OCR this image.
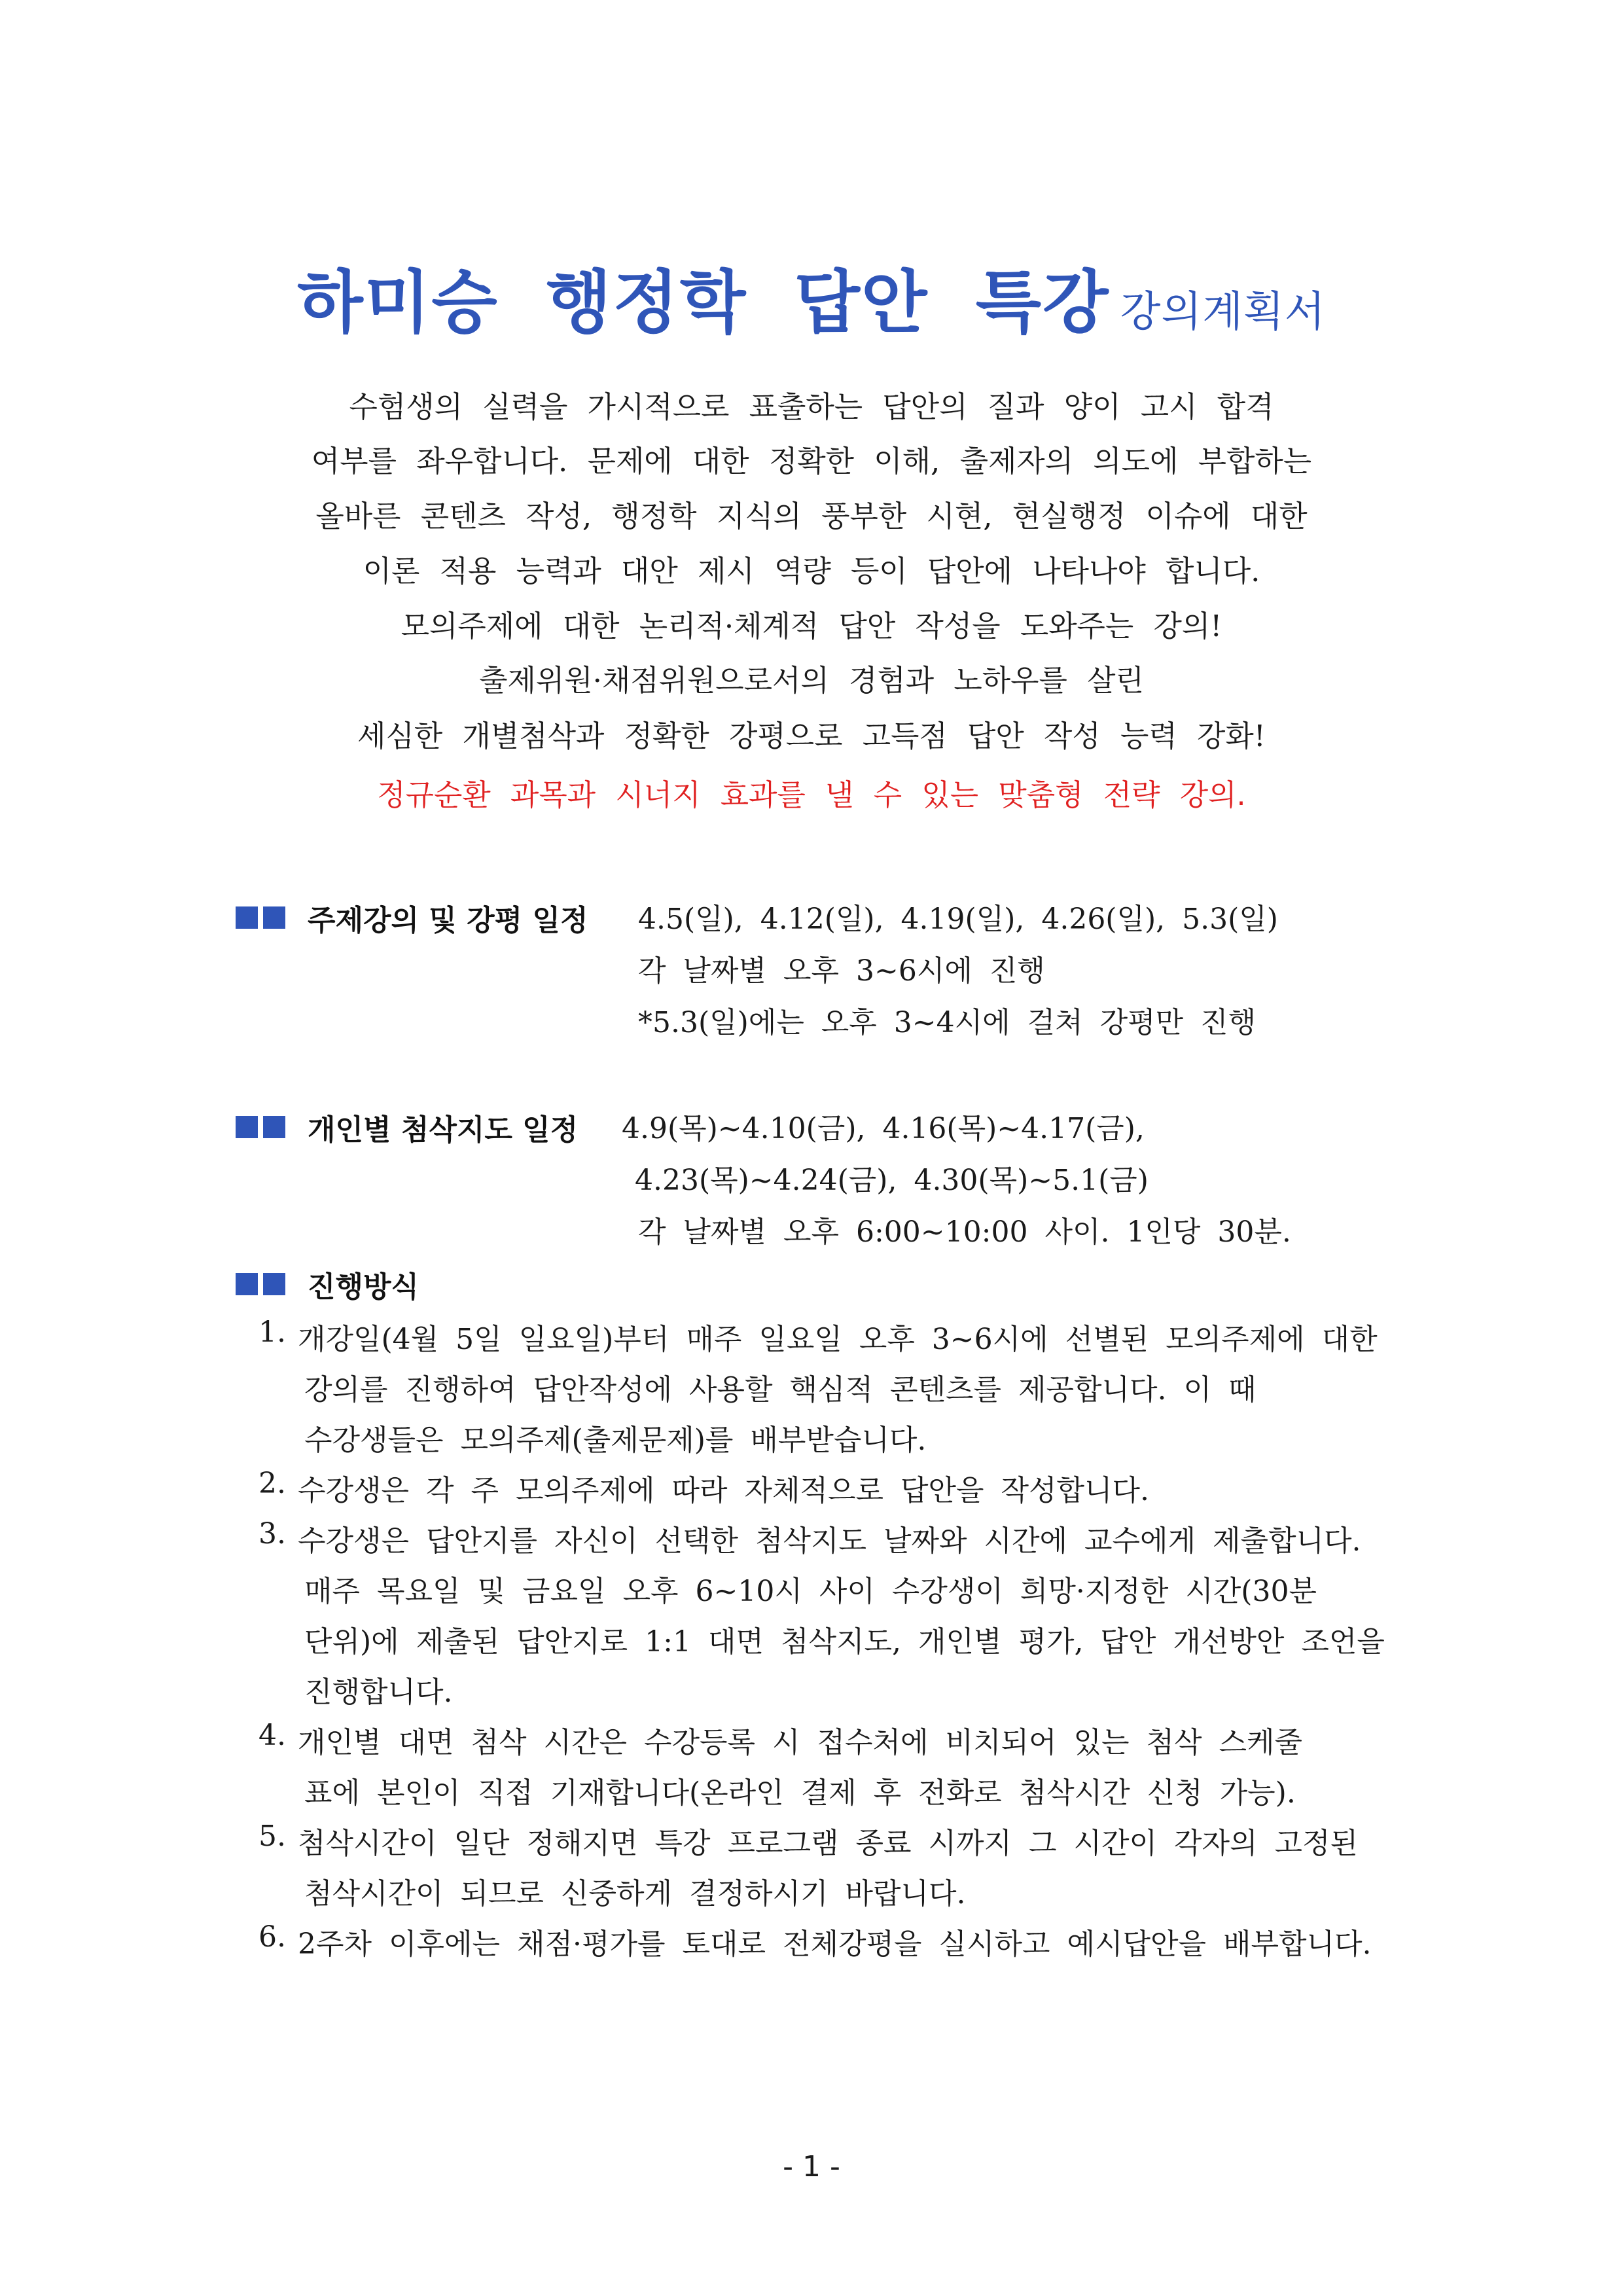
하미승 행정학 답안 특강 강의계획서
수험생의 실력을 가시적으로 표출하는 답안의 질과 양이 고시 합격
여부를 좌우합니다. 문제에 대한 정확한 이해, 출제자의 의도에 부합하는
올바른 콘텐츠 작성, 행정학 지식의 풍부한 시현, 현실행정 이슈에 대한
이론 적용 능력과 대안 제시 역량 등이 답안에 나타나야 합니다.
모의주제에 대한 논리적·체계적 답안 작성을 도와주는 강의!
출제위원·채점위원으로서의 경험과 노하우를 살린
세심한 개별첨삭과 정확한 강평으로 고득점 답안 작성 능력 강화!
정규순환 과목과 시너지 효과를 낼 수 있는 맞춤형 전략 강의.
주제강의 및 강평 일정 4.5(일), 4.12(일), 4.19(일), 4.26(일), 5.3(일)
각 날짜별 오후 3~6시에 진행
*5.3(일)에는 오후 3~4시에 걸쳐 강평만 진행
개인별 첨삭지도 일정 4.9(목)~4.10(금), 4.16(목)~4.17(금),
4.23(목)~4.24(금), 4.30(목)~5.1(금)
각 날짜별 오후 6:00~10:00 사이. 1인당 30분.
진행방식
1. 개강일(4월 5일 일요일)부터 매주 일요일 오후 3~6시에 선별된 모의주제에 대한
강의를 진행하여 답안작성에 사용할 핵심적 콘텐츠를 제공합니다. 이 때
수강생들은 모의주제(출제문제)를 배부받습니다.
2. 수강생은 각 주 모의주제에 따라 자체적으로 답안을 작성합니다.
3. 수강생은 답안지를 자신이 선택한 첨삭지도 날짜와 시간에 교수에게 제출합니다.
매주 목요일 및 금요일 오후 6~10시 사이 수강생이 희망·지정한 시간(30분
단위)에 제출된 답안지로 1:1 대면 첨삭지도, 개인별 평가, 답안 개선방안 조언을
진행합니다.
4. 개인별 대면 첨삭 시간은 수강등록 시 접수처에 비치되어 있는 첨삭 스케줄
표에 본인이 직접 기재합니다(온라인 결제 후 전화로 첨삭시간 신청 가능).
5. 첨삭시간이 일단 정해지면 특강 프로그램 종료 시까지 그 시간이 각자의 고정된
첨삭시간이 되므로 신중하게 결정하시기 바랍니다.
6. 2주차 이후에는 채점·평가를 토대로 전체강평을 실시하고 예시답안을 배부합니다.
- 1 -
